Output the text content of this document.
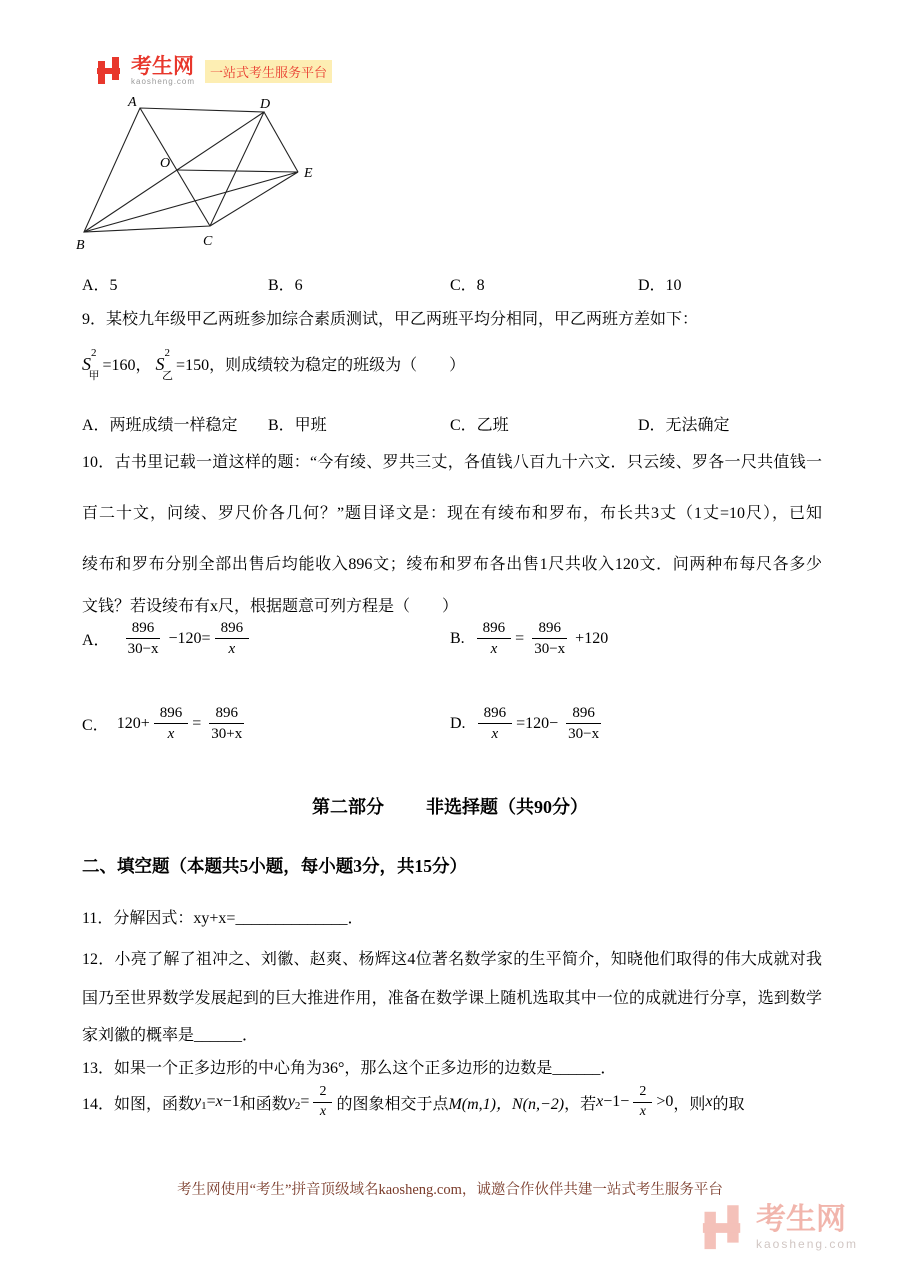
考生网
kaosheng.com
一站式考生服务平台
A	D
O
E
B	C
A．5	B．6	C．8	D．10
9．某校九年级甲乙两班参加综合素质测试，甲乙两班平均分相同，甲乙两班方差如下：
$S^2_甲=160$， $S^2_乙=150$，则成绩较为稳定的班级为（　　）
A．两班成绩一样稳定	B．甲班	C．乙班	D．无法确定
10．古书里记载一道这样的题：“今有绫、罗共三丈，各值钱八百九十六文．只云绫、罗各一尺共值钱一
百二十文，问绫、罗尺价各几何？”题目译文是：现在有绫布和罗布，布长共3丈（1丈=10尺），已知
绫布和罗布分别全部出售后均能收入896文；绫布和罗布各出售1尺共收入120文．问两种布每尺各多少
文钱？若设绫布有x尺，根据题意可列方程是（　　）
A． $\frac{896}{30-x} -120= \frac{896}{x}$	B. $\frac{896}{x} = \frac{896}{30-x} +120$
C． $120+ \frac{896}{x} = \frac{896}{30+x}$	D. $\frac{896}{x} =120- \frac{896}{30-x}$
第二部分 非选择题（共90分）
二、填空题（本题共5小题，每小题3分，共15分）
11．分解因式：xy+x=______________．
12．小亮了解了祖冲之、刘徽、赵爽、杨辉这4位著名数学家的生平简介，知晓他们取得的伟大成就对我
国乃至世界数学发展起到的巨大推进作用，准备在数学课上随机选取其中一位的成就进行分享，选到数学
家刘徽的概率是______．
13．如果一个正多边形的中心角为36°，那么这个正多边形的边数是______．
14．如图，函数 y 1 = x −1 和函数 y $2 = \frac{2}{x}$ 的图象相交于点 M(m,1)，N(n,−2) ，若 $x -1- \frac{2}{x} >0$ ，则 x 的取
考生网使用“考生”拼音顶级域名kaosheng.com，诚邀合作伙伴共建一站式考生服务平台
考生网
kaosheng.com
